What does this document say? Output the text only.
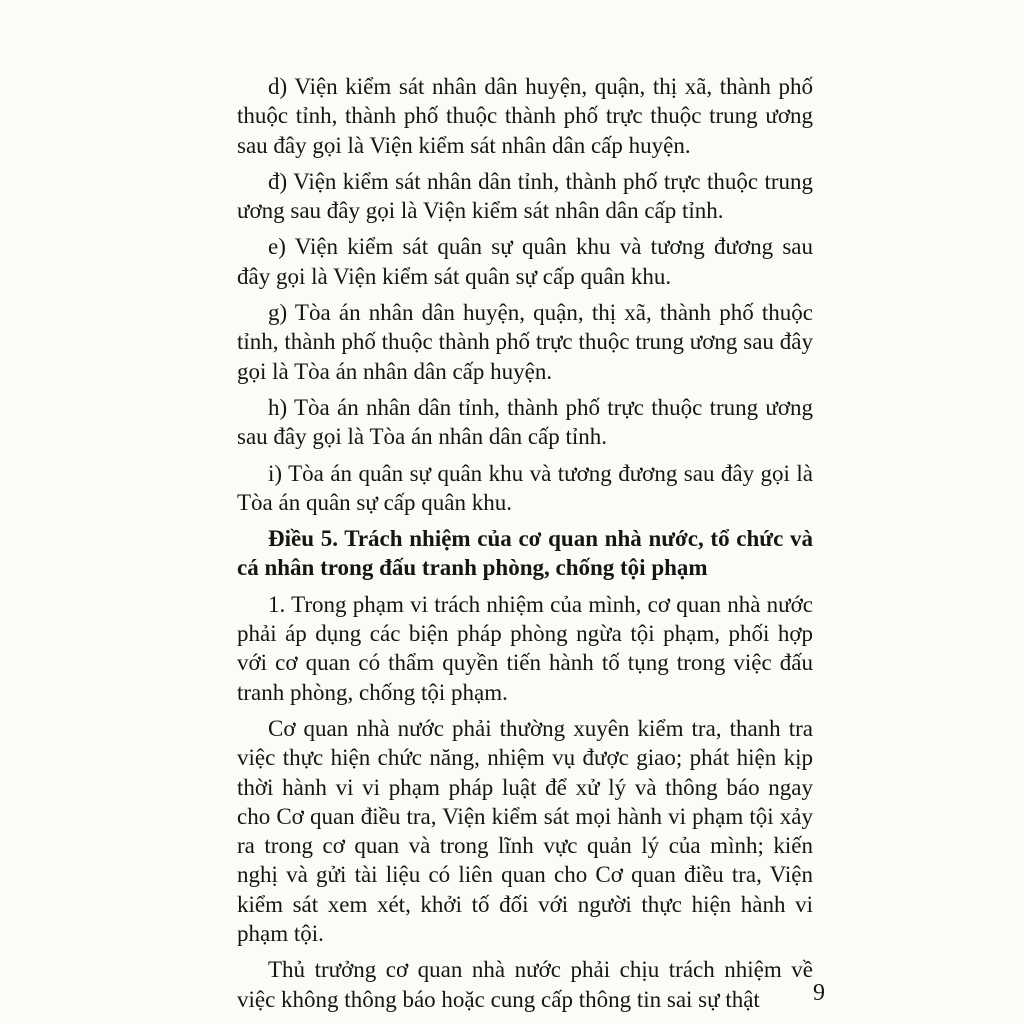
d) Viện kiểm sát nhân dân huyện, quận, thị xã, thành phố thuộc tỉnh, thành phố thuộc thành phố trực thuộc trung ương sau đây gọi là Viện kiểm sát nhân dân cấp huyện.

đ) Viện kiểm sát nhân dân tỉnh, thành phố trực thuộc trung ương sau đây gọi là Viện kiểm sát nhân dân cấp tỉnh.

e) Viện kiểm sát quân sự quân khu và tương đương sau đây gọi là Viện kiểm sát quân sự cấp quân khu.

g) Tòa án nhân dân huyện, quận, thị xã, thành phố thuộc tỉnh, thành phố thuộc thành phố trực thuộc trung ương sau đây gọi là Tòa án nhân dân cấp huyện.

h) Tòa án nhân dân tỉnh, thành phố trực thuộc trung ương sau đây gọi là Tòa án nhân dân cấp tỉnh.

i) Tòa án quân sự quân khu và tương đương sau đây gọi là Tòa án quân sự cấp quân khu.

Điều 5. Trách nhiệm của cơ quan nhà nước, tổ chức và cá nhân trong đấu tranh phòng, chống tội phạm

1. Trong phạm vi trách nhiệm của mình, cơ quan nhà nước phải áp dụng các biện pháp phòng ngừa tội phạm, phối hợp với cơ quan có thẩm quyền tiến hành tố tụng trong việc đấu tranh phòng, chống tội phạm.

Cơ quan nhà nước phải thường xuyên kiểm tra, thanh tra việc thực hiện chức năng, nhiệm vụ được giao; phát hiện kịp thời hành vi vi phạm pháp luật để xử lý và thông báo ngay cho Cơ quan điều tra, Viện kiểm sát mọi hành vi phạm tội xảy ra trong cơ quan và trong lĩnh vực quản lý của mình; kiến nghị và gửi tài liệu có liên quan cho Cơ quan điều tra, Viện kiểm sát xem xét, khởi tố đối với người thực hiện hành vi phạm tội.

Thủ trưởng cơ quan nhà nước phải chịu trách nhiệm về việc không thông báo hoặc cung cấp thông tin sai sự thật	9
